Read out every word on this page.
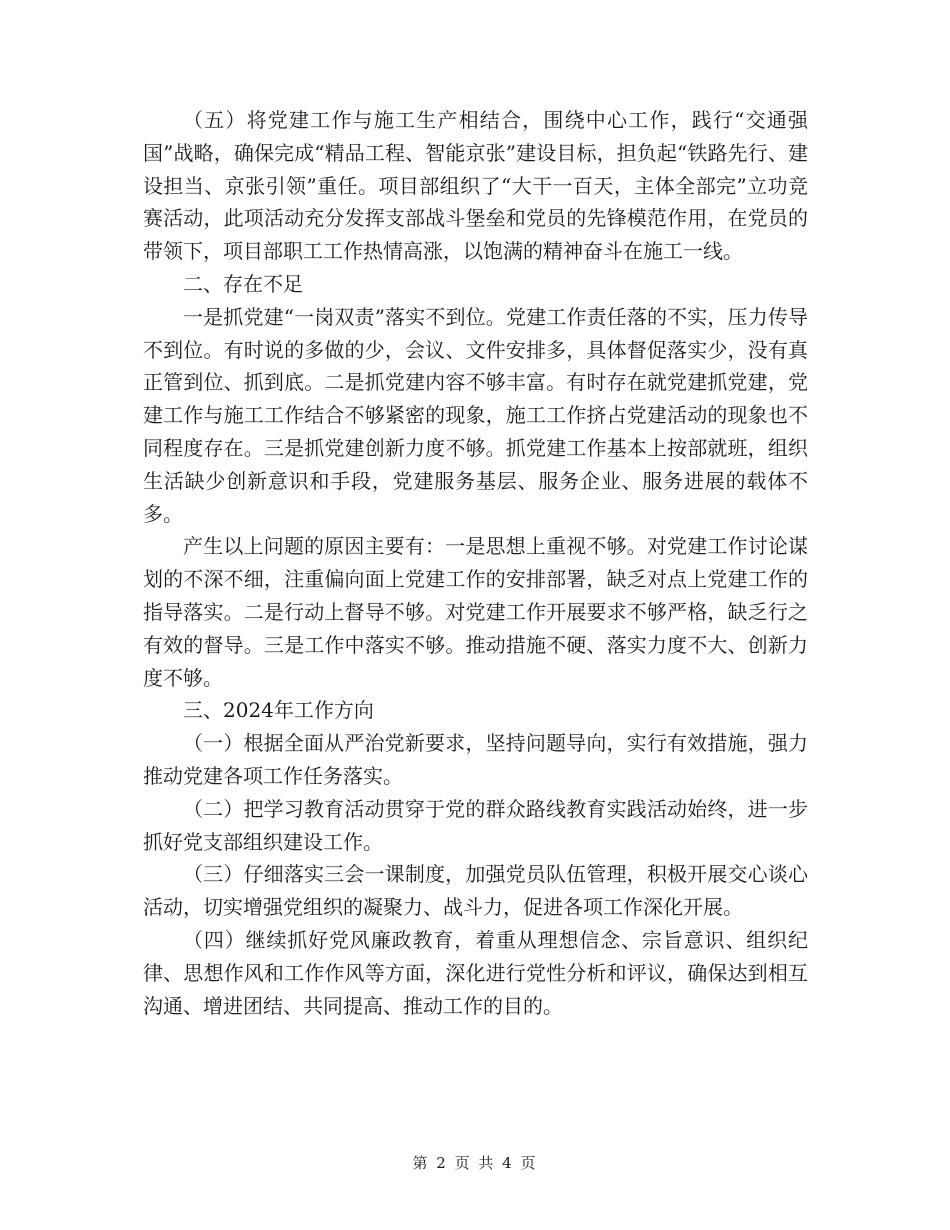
（五）将党建工作与施工生产相结合，围绕中心工作，践行“交通强国”战略，确保完成“精品工程、智能京张”建设目标，担负起“铁路先行、建设担当、京张引领”重任。项目部组织了“大干一百天，主体全部完”立功竞赛活动，此项活动充分发挥支部战斗堡垒和党员的先锋模范作用，在党员的带领下，项目部职工工作热情高涨，以饱满的精神奋斗在施工一线。

二、存在不足

一是抓党建“一岗双责”落实不到位。党建工作责任落的不实，压力传导不到位。有时说的多做的少，会议、文件安排多，具体督促落实少，没有真正管到位、抓到底。二是抓党建内容不够丰富。有时存在就党建抓党建，党建工作与施工工作结合不够紧密的现象，施工工作挤占党建活动的现象也不同程度存在。三是抓党建创新力度不够。抓党建工作基本上按部就班，组织生活缺少创新意识和手段，党建服务基层、服务企业、服务进展的载体不多。

产生以上问题的原因主要有：一是思想上重视不够。对党建工作讨论谋划的不深不细，注重偏向面上党建工作的安排部署，缺乏对点上党建工作的指导落实。二是行动上督导不够。对党建工作开展要求不够严格，缺乏行之有效的督导。三是工作中落实不够。推动措施不硬、落实力度不大、创新力度不够。

三、2024年工作方向

（一）根据全面从严治党新要求，坚持问题导向，实行有效措施，强力推动党建各项工作任务落实。

（二）把学习教育活动贯穿于党的群众路线教育实践活动始终，进一步抓好党支部组织建设工作。

（三）仔细落实三会一课制度，加强党员队伍管理，积极开展交心谈心活动，切实增强党组织的凝聚力、战斗力，促进各项工作深化开展。

（四）继续抓好党风廉政教育，着重从理想信念、宗旨意识、组织纪律、思想作风和工作作风等方面，深化进行党性分析和评议，确保达到相互沟通、增进团结、共同提高、推动工作的目的。

第 2 页 共 4 页
